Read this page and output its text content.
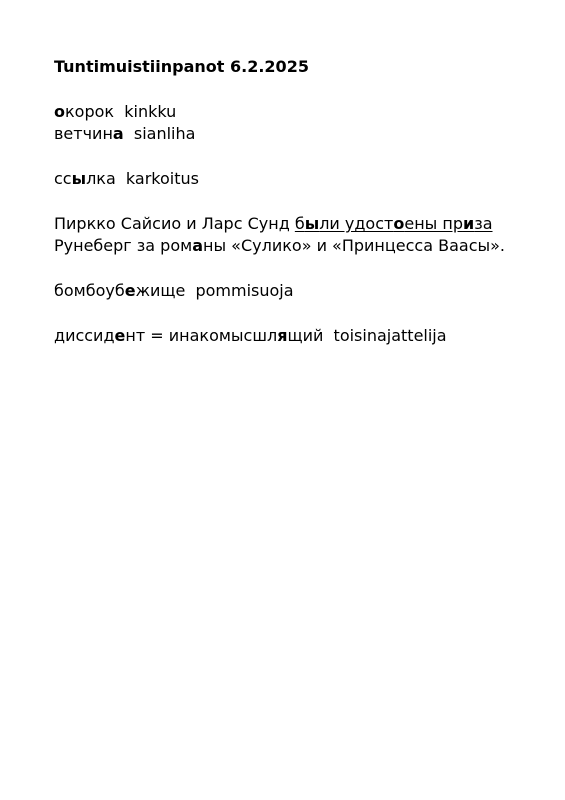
Tuntimuistiinpanot 6.2.2025
окорок  kinkku
ветчина  sianliha
ссылка  karkoitus
Пиркко Сайсио и Ларс Сунд были удостоены приза
Рунеберг за романы «Сулико» и «Принцесса Ваасы».
бомбоубежище  pommisuoja
диссидент = инакомысшлящий  toisinajattelija
